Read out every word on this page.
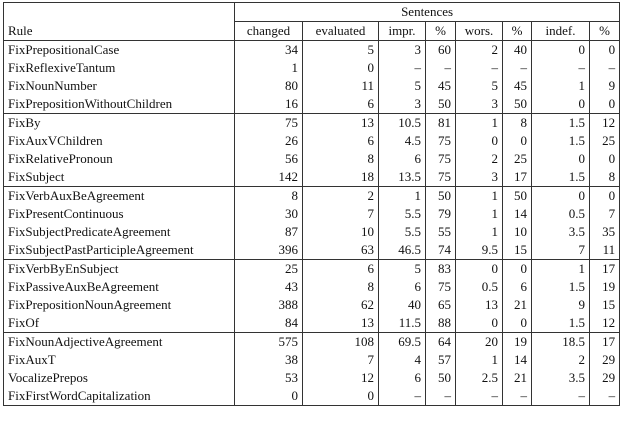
	Sentences							
Rule	changed	evaluated	impr.	%	wors.	%	indef.	%
FixPrepositionalCase	34	5	3	60	2	40	0	0
FixReflexiveTantum	1	0	–	–	–	–	–	–
FixNounNumber	80	11	5	45	5	45	1	9
FixPrepositionWithoutChildren	16	6	3	50	3	50	0	0
FixBy	75	13	10.5	81	1	8	1.5	12
FixAuxVChildren	26	6	4.5	75	0	0	1.5	25
FixRelativePronoun	56	8	6	75	2	25	0	0
FixSubject	142	18	13.5	75	3	17	1.5	8
FixVerbAuxBeAgreement	8	2	1	50	1	50	0	0
FixPresentContinuous	30	7	5.5	79	1	14	0.5	7
FixSubjectPredicateAgreement	87	10	5.5	55	1	10	3.5	35
FixSubjectPastParticipleAgreement	396	63	46.5	74	9.5	15	7	11
FixVerbByEnSubject	25	6	5	83	0	0	1	17
FixPassiveAuxBeAgreement	43	8	6	75	0.5	6	1.5	19
FixPrepositionNounAgreement	388	62	40	65	13	21	9	15
FixOf	84	13	11.5	88	0	0	1.5	12
FixNounAdjectiveAgreement	575	108	69.5	64	20	19	18.5	17
FixAuxT	38	7	4	57	1	14	2	29
VocalizePrepos	53	12	6	50	2.5	21	3.5	29
FixFirstWordCapitalization	0	0	–	–	–	–	–	–
